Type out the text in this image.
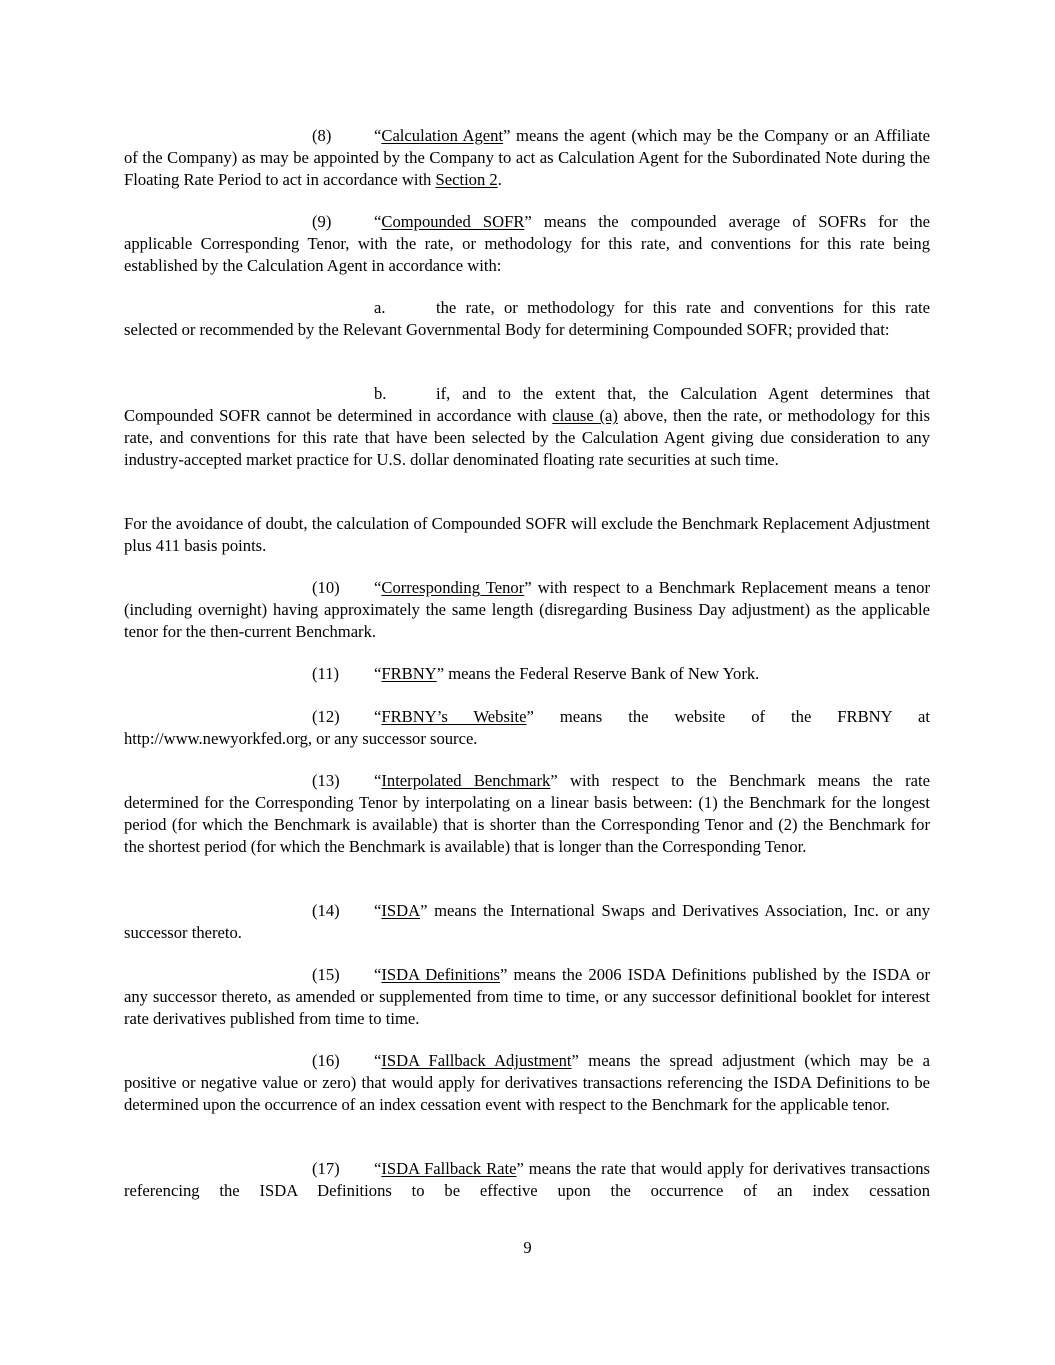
(8)	“Calculation Agent” means the agent (which may be the Company or an Affiliate of the Company) as may be appointed by the Company to act as Calculation Agent for the Subordinated Note during the Floating Rate Period to act in accordance with Section 2.

(9)	“Compounded SOFR” means the compounded average of SOFRs for the applicable Corresponding Tenor, with the rate, or methodology for this rate, and conventions for this rate being established by the Calculation Agent in accordance with:

a.	the rate, or methodology for this rate and conventions for this rate selected or recommended by the Relevant Governmental Body for determining Compounded SOFR; provided that:

b.	if, and to the extent that, the Calculation Agent determines that Compounded SOFR cannot be determined in accordance with clause (a) above, then the rate, or methodology for this rate, and conventions for this rate that have been selected by the Calculation Agent giving due consideration to any industry-accepted market practice for U.S. dollar denominated floating rate securities at such time.

For the avoidance of doubt, the calculation of Compounded SOFR will exclude the Benchmark Replacement Adjustment plus 411 basis points.

(10) “Corresponding Tenor” with respect to a Benchmark Replacement means a tenor (including overnight) having approximately the same length (disregarding Business Day adjustment) as the applicable tenor for the then-current Benchmark.

(11) “FRBNY” means the Federal Reserve Bank of New York.

(12) “FRBNY’s Website” means the website of the FRBNY at http://www.newyorkfed.org, or any successor source.

(13) “Interpolated Benchmark” with respect to the Benchmark means the rate determined for the Corresponding Tenor by interpolating on a linear basis between: (1) the Benchmark for the longest period (for which the Benchmark is available) that is shorter than the Corresponding Tenor and (2) the Benchmark for the shortest period (for which the Benchmark is available) that is longer than the Corresponding Tenor.

(14) “ISDA” means the International Swaps and Derivatives Association, Inc. or any successor thereto.

(15) “ISDA Definitions” means the 2006 ISDA Definitions published by the ISDA or any successor thereto, as amended or supplemented from time to time, or any successor definitional booklet for interest rate derivatives published from time to time.

(16) “ISDA Fallback Adjustment” means the spread adjustment (which may be a positive or negative value or zero) that would apply for derivatives transactions referencing the ISDA Definitions to be determined upon the occurrence of an index cessation event with respect to the Benchmark for the applicable tenor.

(17) “ISDA Fallback Rate” means the rate that would apply for derivatives transactions referencing the ISDA Definitions to be effective upon the occurrence of an index cessation

9
